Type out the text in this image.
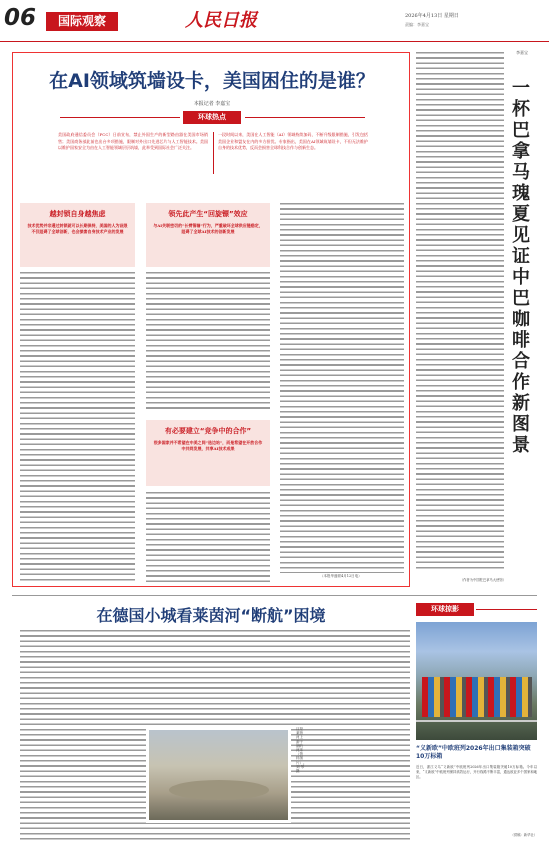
06	国际观察	人民日报	2026年4月13日 星期日
责编：李嘉宝
在AI领域筑墙设卡，美国困住的是谁？
本报记者 李嘉宝
环球热点
美国政府通信委员会（FCC）日前宣布，禁止外国生产的新型路由器在美国市场销售；美国商务部此前也出台多项措施，限制对外出口先进芯片与人工智能技术。美国以维护国家安全为由在人工智能领域层层筑墙，此举受到国际社会广泛关注。
一段时间以来，美国在人工智能（AI）领域持续加码，不断升级限制措施，引发包括美国企业和盟友在内的多方担忧。专家指出，美国在AI领域筑墙设卡，不但无法维护自身的技术优势，反而会损害全球科技合作与创新生态。
越封锁自身越焦虑
技术优势并非通过封锁就可以长期保持，美国的人为设限不仅阻碍了全球创新，也会损害自身技术产业的发展
领先此产生“回旋镖”效应
与AI关联密切的“长臂管辖”行为，严重破坏全球供应链稳定，阻碍了全球AI技术的创新发展
有必要建立“竞争中的合作”
很多国家并不希望在中美之间“选边站”，而是希望在开放合作中共同发展，共享AI技术成果
（本报华盛顿4月12日电）
一杯巴拿马瑰夏见证中巴咖啡合作新图景
李嘉宝
（作者为中国驻巴拿马大使馆）
在德国小城看莱茵河“断航”困境
这是莱茵河上游干涸的河床（资料图片）。刘 琴摄
环球掠影
“义新欧”中欧班列2026年出口集装箱突破10万标箱
近日，浙江义乌“义新欧”中欧班列2026年出口集装箱突破10万标箱。今年以来，“义新欧”中欧班列保持高效运行，开行线路不断丰富，通达欧亚多个国家和地区。
（供稿：新华社）
